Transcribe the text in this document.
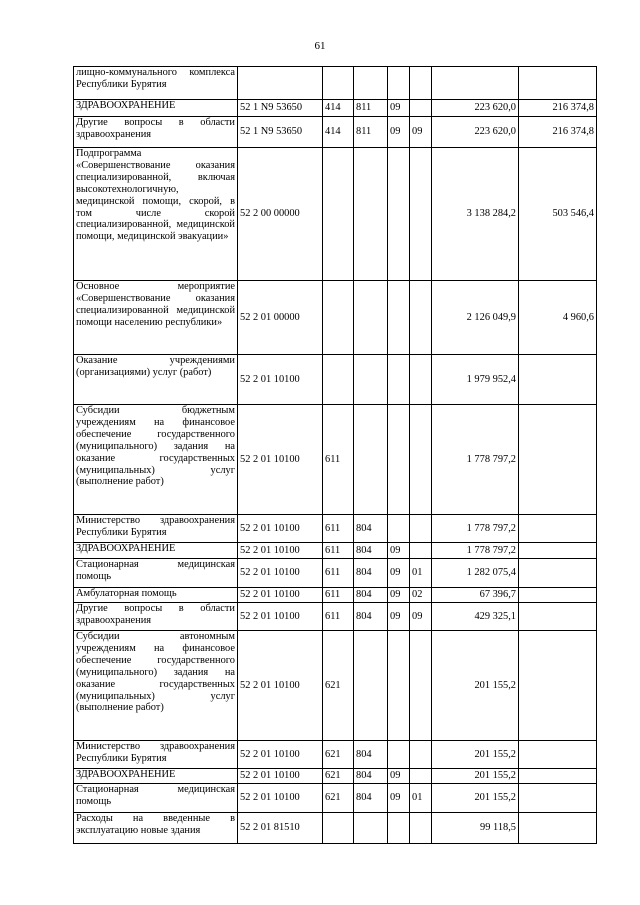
61
лищно-коммунального комплекса Республики Бурятия							
ЗДРАВООХРАНЕНИЕ	52 1 N9 53650	414	811	09		223 620,0	216 374,8
Другие вопросы в области здравоохранения	52 1 N9 53650	414	811	09	09	223 620,0	216 374,8
Подпрограмма «Совершенствование оказания специализированной, включая высокотехнологичную, медицинской помощи, скорой, в том числе скорой специализированной, медицинской помощи, медицинской эвакуации»	52 2 00 00000					3 138 284,2	503 546,4
Основное мероприятие «Совершенствование оказания специализированной медицинской помощи населению республики»	52 2 01 00000					2 126 049,9	4 960,6
Оказание учреждениями (организациями) услуг (работ)	52 2 01 10100					1 979 952,4	
Субсидии бюджетным учреждениям на финансовое обеспечение государственного (муниципального) задания на оказание государственных (муниципальных) услуг (выполнение работ)	52 2 01 10100	611				1 778 797,2	
Министерство здравоохранения Республики Бурятия	52 2 01 10100	611	804			1 778 797,2	
ЗДРАВООХРАНЕНИЕ	52 2 01 10100	611	804	09		1 778 797,2	
Стационарная медицинская помощь	52 2 01 10100	611	804	09	01	1 282 075,4	
Амбулаторная помощь	52 2 01 10100	611	804	09	02	67 396,7	
Другие вопросы в области здравоохранения	52 2 01 10100	611	804	09	09	429 325,1	
Субсидии автономным учреждениям на финансовое обеспечение государственного (муниципального) задания на оказание государственных (муниципальных) услуг (выполнение работ)	52 2 01 10100	621				201 155,2	
Министерство здравоохранения Республики Бурятия	52 2 01 10100	621	804			201 155,2	
ЗДРАВООХРАНЕНИЕ	52 2 01 10100	621	804	09		201 155,2	
Стационарная медицинская помощь	52 2 01 10100	621	804	09	01	201 155,2	
Расходы на введенные в эксплуатацию новые здания	52 2 01 81510					99 118,5	
